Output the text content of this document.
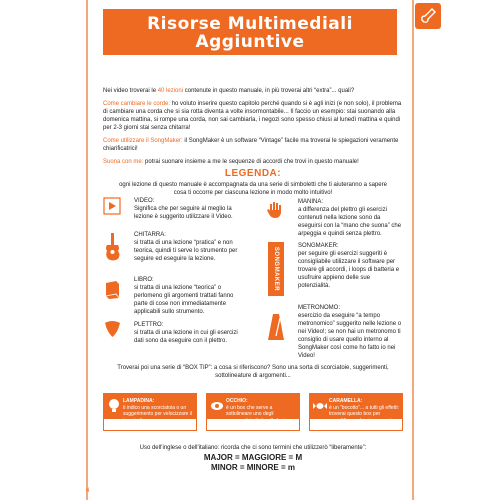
Risorse Multimediali
Aggiuntive

Nei video troverai le 40 lezioni contenute in questo manuale, in più troverai altri “extra”... quali?

Come cambiare le corde: ho voluto inserire questo capitolo perché quando si è agli inizi (e non solo), il problema di cambiare una corda che si sia rotta diventa a volte insormontabile... Il faccio un esempio: stai suonando alla domenica mattina, si rompe una corda, non sai cambiarla, i negozi sono spesso chiusi al lunedì mattina e quindi per 2-3 giorni stai senza chitarra!

Come utilizzare il SongMaker: il SongMaker è un software “Vintage” facile ma troverai le spiegazioni veramente chiarificatrici!

Suona con me: potrai suonare insieme a me le sequenze di accordi che trovi in questo manuale!

LEGENDA:
ogni lezione di questo manuale è accompagnata da una serie di simboletti che ti aiuteranno a sapere cosa ti occorre per ciascuna lezione in modo molto intuitivo!
VIDEO:
Significa che per seguire al meglio la lezione è suggerito utilizzare il Video.
CHITARRA:
si tratta di una lezione “pratica” e non teorica, quindi ti serve lo strumento per seguire ed eseguire la lezione.
LIBRO:
si tratta di una lezione “teorica” o perlomeno gli argomenti trattati fanno parte di cose non immediatamente applicabili sullo strumento.
PLETTRO:
si tratta di una lezione in cui gli esercizi dati sono da eseguire con il plettro.
MANINA:
a differenza del plettro gli esercizi contenuti nella lezione sono da eseguirsi con la “mano che suona” che arpeggia e quindi senza plettro.
SONGMAKER
SONGMAKER:
per seguire gli esercizi suggeriti è consigliabile utilizzare il software per trovare gli accordi, i loops di batteria e usufruire appieno delle sue potenzialità.
METRONOMO:
esercizio da eseguire “a tempo metronomico” suggerito nelle lezione o nei Video!; se non hai un metronomo ti consiglio di usare quello interno al SongMaker così come ho fatto io nei Video!
Troverai poi una serie di “BOX TIP”: a cosa si riferiscono? Sono una sorta di scorciatoie, suggerimenti, sottolineature di argomenti...
LAMPADINA:
ti indico una scorciatoia o un suggerimento per velocizzare il tuo studio
OCCHIO:
è un box che serve a sottolineare uno degli argomenti trattati nella lezione
CARAMELLA:
è un “bocotto”... a tutti gli effetti: troverai questo box per semplificare alcuni passaggi (per esempio usare l'accordatore elettronico)
Uso dell'inglese o dell'italiano: ricorda che ci sono termini che utilizzerò “liberamente”:
MAJOR = MAGGIORE = M
MINOR = MINORE = m
4
